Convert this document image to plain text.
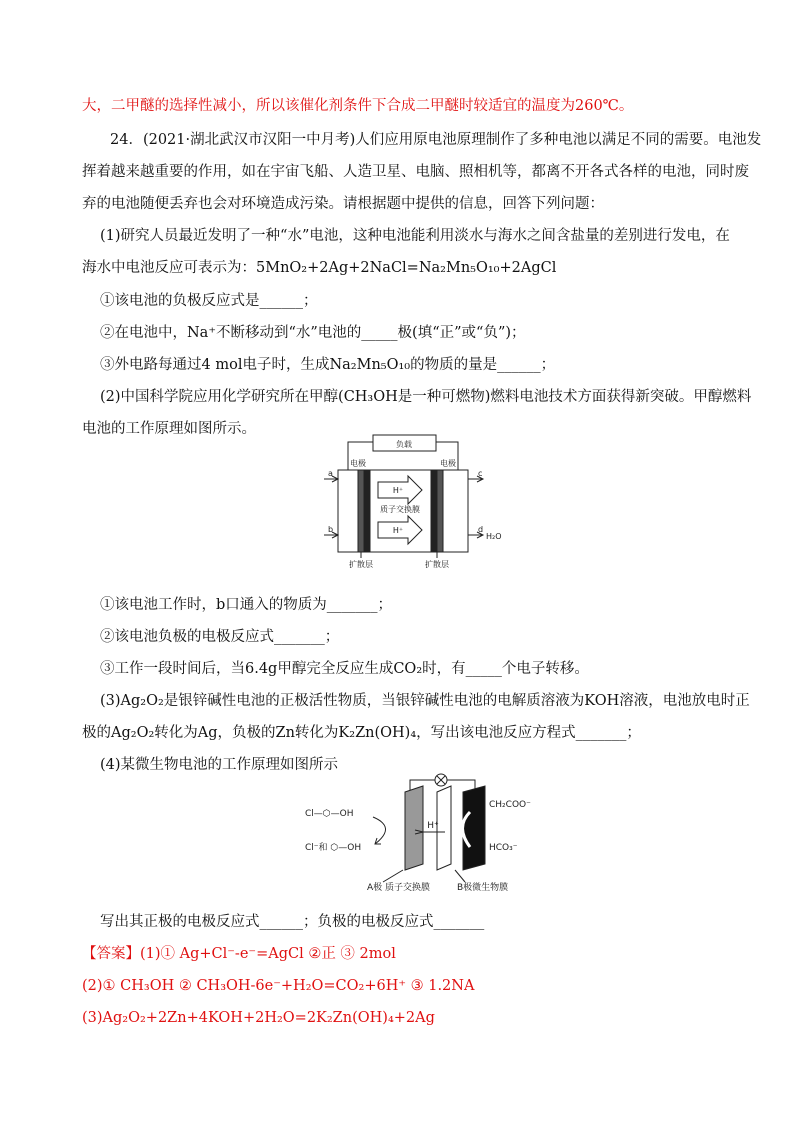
大，二甲醚的选择性减小，所以该催化剂条件下合成二甲醚时较适宜的温度为260℃。
24．(2021·湖北武汉市汉阳一中月考)人们应用原电池原理制作了多种电池以满足不同的需要。电池发
挥着越来越重要的作用，如在宇宙飞船、人造卫星、电脑、照相机等，都离不开各式各样的电池，同时废
弃的电池随便丢弃也会对环境造成污染。请根据题中提供的信息，回答下列问题：
(1)研究人员最近发明了一种“水”电池，这种电池能利用淡水与海水之间含盐量的差别进行发电，在
海水中电池反应可表示为：5MnO₂+2Ag+2NaCl=Na₂Mn₅O₁₀+2AgCl
①该电池的负极反应式是______；
②在电池中，Na⁺不断移动到“水”电池的_____极(填“正”或“负”)；
③外电路每通过4 mol电子时，生成Na₂Mn₅O₁₀的物质的量是______；
(2)中国科学院应用化学研究所在甲醇(CH₃OH是一种可燃物)燃料电池技术方面获得新突破。甲醇燃料
电池的工作原理如图所示。
负载
电极	电极
a
b
c
d
H⁺
质子交换膜
H⁺
扩散层	扩散层
H₂O
①该电池工作时，b口通入的物质为_______；
②该电池负极的电极反应式_______；
③工作一段时间后，当6.4g甲醇完全反应生成CO₂时，有_____个电子转移。
(3)Ag₂O₂是银锌碱性电池的正极活性物质，当银锌碱性电池的电解质溶液为KOH溶液，电池放电时正
极的Ag₂O₂转化为Ag，负极的Zn转化为K₂Zn(OH)₄，写出该电池反应方程式_______；
(4)某微生物电池的工作原理如图所示
Cl—⬡—OH
Cl⁻和 ⬡—OH
H⁺
CH₂COO⁻
HCO₃⁻
A极 质子交换膜	B极微生物膜
写出其正极的电极反应式______；负极的电极反应式_______
【答案】(1)① Ag+Cl⁻-e⁻=AgCl ②正 ③ 2mol
(2)① CH₃OH ② CH₃OH-6e⁻+H₂O=CO₂+6H⁺ ③ 1.2NA
(3)Ag₂O₂+2Zn+4KOH+2H₂O=2K₂Zn(OH)₄+2Ag
